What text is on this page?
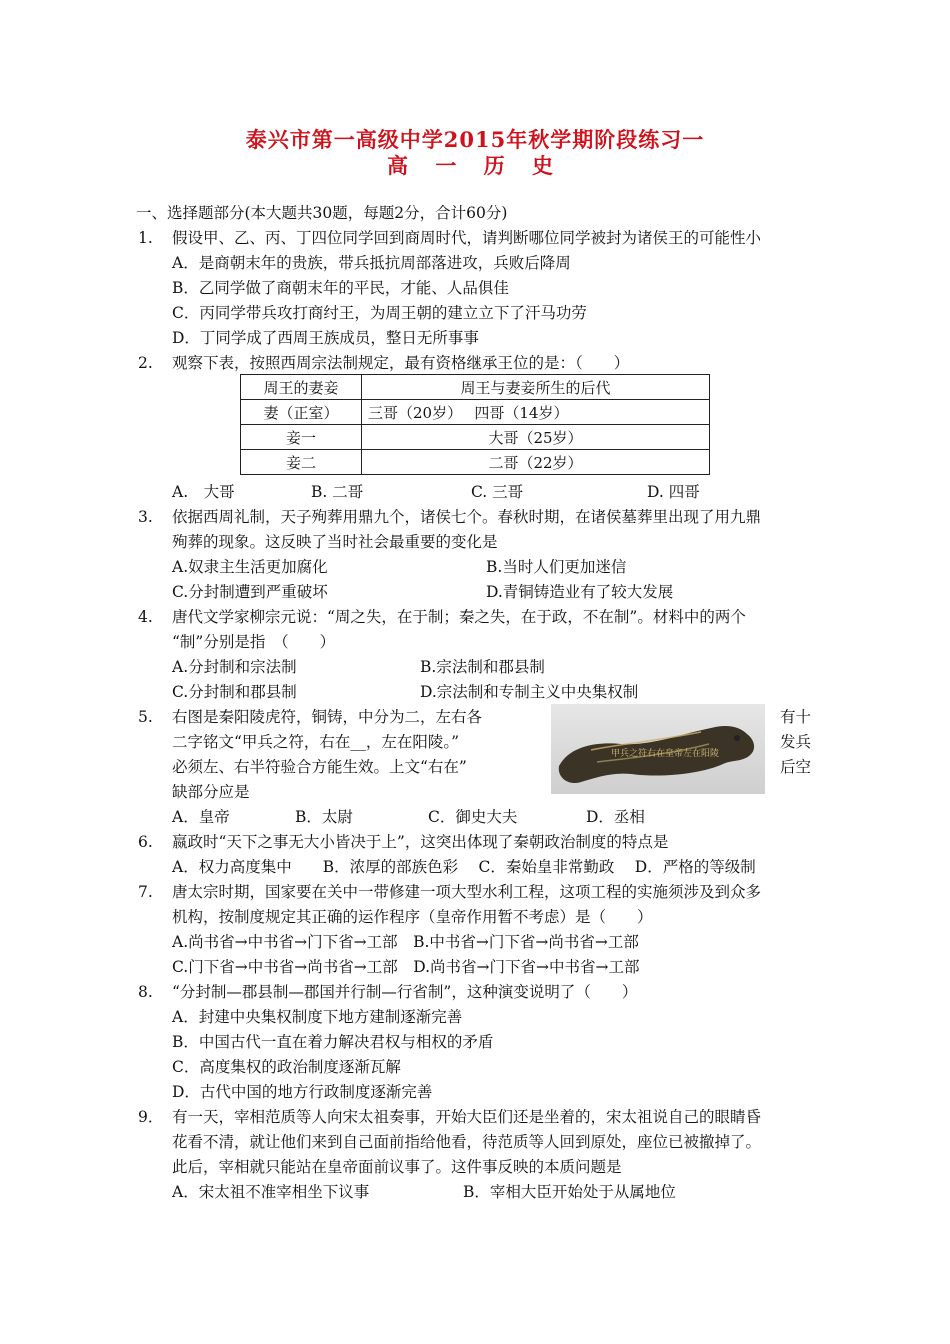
泰兴市第一高级中学2015年秋学期阶段练习一
高 一 历 史
一、选择题部分(本大题共30题，每题2分，合计60分)
1. 假设甲、乙、丙、丁四位同学回到商周时代，请判断哪位同学被封为诸侯王的可能性小
A．是商朝末年的贵族，带兵抵抗周部落进攻，兵败后降周
B．乙同学做了商朝末年的平民，才能、人品俱佳
C．丙同学带兵攻打商纣王，为周王朝的建立立下了汗马功劳
D．丁同学成了西周王族成员，整日无所事事
2. 观察下表，按照西周宗法制规定，最有资格继承王位的是：（　　）
周王的妻妾	周王与妻妾所生的后代
妻（正室）	三哥（20岁）　 四哥（14岁）
妾一	大哥（25岁）
妾二	二哥（22岁）
A.　大哥	B. 二哥	C. 三哥	D. 四哥
3. 依据西周礼制，天子殉葬用鼎九个，诸侯七个。春秋时期，在诸侯墓葬里出现了用九鼎
殉葬的现象。这反映了当时社会最重要的变化是
A.奴隶主生活更加腐化	B.当时人们更加迷信
C.分封制遭到严重破坏	D.青铜铸造业有了较大发展
4. 唐代文学家柳宗元说：“周之失，在于制；秦之失，在于政，不在制”。材料中的两个
“制”分别是指　（　　）
A.分封制和宗法制	B.宗法制和郡县制
C.分封制和郡县制	D.宗法制和专制主义中央集权制
5. 右图是秦阳陵虎符，铜铸，中分为二，左右各	有十
二字铭文“甲兵之符，右在__，左在阳陵。”	发兵
必须左、右半符验合方能生效。上文“右在”	后空
缺部分应是
甲兵之符右在皇帝左在阳陵
A．皇帝	B．太尉	C．御史大夫	D．丞相
6. 嬴政时“天下之事无大小皆决于上”，这突出体现了秦朝政治制度的特点是
A．权力高度集中　　B．浓厚的部族色彩　 C．秦始皇非常勤政　 D．严格的等级制
7. 唐太宗时期，国家要在关中一带修建一项大型水利工程，这项工程的实施须涉及到众多
机构，按制度规定其正确的运作程序（皇帝作用暂不考虑）是（　　）
A.尚书省→中书省→门下省→工部　B.中书省→门下省→尚书省→工部
C.门下省→中书省→尚书省→工部　D.尚书省→门下省→中书省→工部
8. “分封制—郡县制—郡国并行制—行省制”，这种演变说明了（　　）
A．封建中央集权制度下地方建制逐渐完善
B．中国古代一直在着力解决君权与相权的矛盾
C．高度集权的政治制度逐渐瓦解
D．古代中国的地方行政制度逐渐完善
9． 有一天，宰相范质等人向宋太祖奏事，开始大臣们还是坐着的，宋太祖说自己的眼睛昏
花看不清，就让他们来到自己面前指给他看，待范质等人回到原处，座位已被撤掉了。
此后，宰相就只能站在皇帝面前议事了。这件事反映的本质问题是
A．宋太祖不准宰相坐下议事	B．宰相大臣开始处于从属地位
